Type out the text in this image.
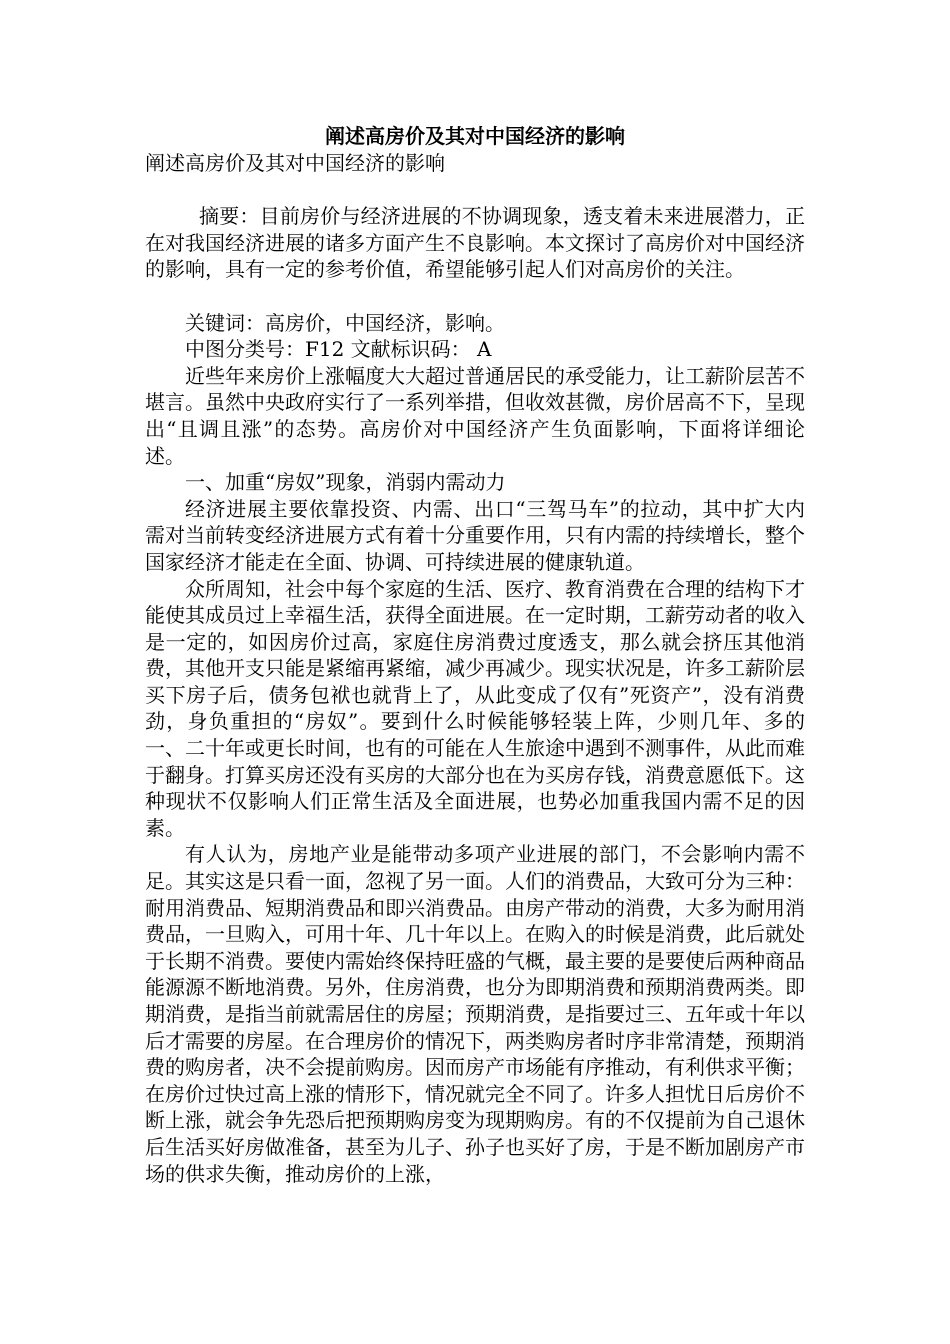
阐述高房价及其对中国经济的影响

阐述高房价及其对中国经济的影响

摘要：目前房价与经济进展的不协调现象，透支着未来进展潜力，正在对我国经济进展的诸多方面产生不良影响。本文探讨了高房价对中国经济的影响，具有一定的参考价值，希望能够引起人们对高房价的关注。

关键词：高房价，中国经济，影响。

中图分类号：F12 文献标识码： A

近些年来房价上涨幅度大大超过普通居民的承受能力，让工薪阶层苦不堪言。虽然中央政府实行了一系列举措，但收效甚微，房价居高不下，呈现出“且调且涨”的态势。高房价对中国经济产生负面影响，下面将详细论述。

一、加重“房奴”现象，消弱内需动力

经济进展主要依靠投资、内需、出口“三驾马车”的拉动，其中扩大内需对当前转变经济进展方式有着十分重要作用，只有内需的持续增长，整个国家经济才能走在全面、协调、可持续进展的健康轨道。

众所周知，社会中每个家庭的生活、医疗、教育消费在合理的结构下才能使其成员过上幸福生活，获得全面进展。在一定时期，工薪劳动者的收入是一定的，如因房价过高，家庭住房消费过度透支，那么就会挤压其他消费，其他开支只能是紧缩再紧缩，减少再减少。现实状况是，许多工薪阶层买下房子后，债务包袱也就背上了，从此变成了仅有”死资产”，没有消费劲，身负重担的“房奴”。要到什么时候能够轻装上阵，少则几年、多的一、二十年或更长时间，也有的可能在人生旅途中遇到不测事件，从此而难于翻身。打算买房还没有买房的大部分也在为买房存钱，消费意愿低下。这种现状不仅影响人们正常生活及全面进展，也势必加重我国内需不足的因素。

有人认为，房地产业是能带动多项产业进展的部门，不会影响内需不足。其实这是只看一面，忽视了另一面。人们的消费品，大致可分为三种：耐用消费品、短期消费品和即兴消费品。由房产带动的消费，大多为耐用消费品，一旦购入，可用十年、几十年以上。在购入的时候是消费，此后就处于长期不消费。要使内需始终保持旺盛的气概，最主要的是要使后两种商品能源源不断地消费。另外，住房消费，也分为即期消费和预期消费两类。即期消费，是指当前就需居住的房屋；预期消费，是指要过三、五年或十年以后才需要的房屋。在合理房价的情况下，两类购房者时序非常清楚，预期消费的购房者，决不会提前购房。因而房产市场能有序推动，有利供求平衡；在房价过快过高上涨的情形下，情况就完全不同了。许多人担忧日后房价不断上涨，就会争先恐后把预期购房变为现期购房。有的不仅提前为自己退休后生活买好房做准备，甚至为儿子、孙子也买好了房，于是不断加剧房产市场的供求失衡，推动房价的上涨，
